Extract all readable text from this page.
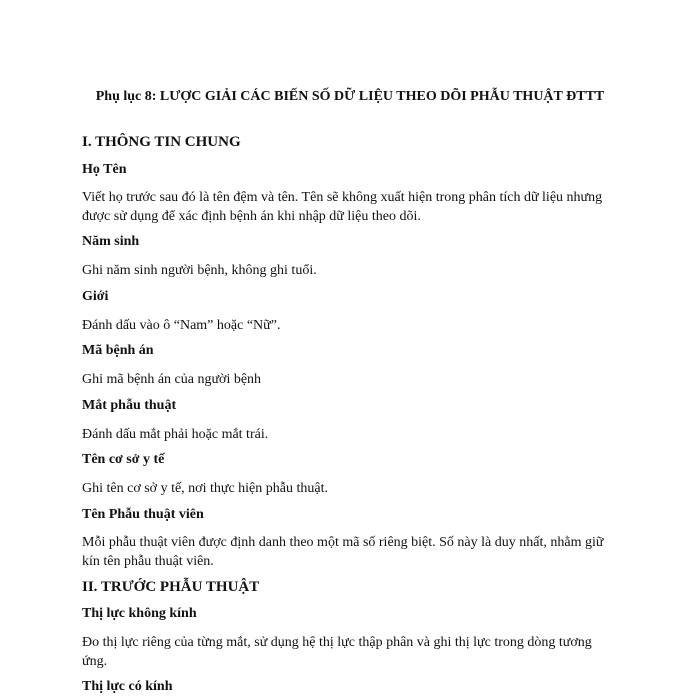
Phụ lục 8: LƯỢC GIẢI CÁC BIẾN SỐ DỮ LIỆU THEO DÕI PHẪU THUẬT ĐTTT
I. THÔNG TIN CHUNG
Họ Tên

Viết họ trước sau đó là tên đệm và tên. Tên sẽ không xuất hiện trong phân tích dữ liệu nhưng được sử dụng để xác định bệnh án khi nhập dữ liệu theo dõi.

Năm sinh

Ghi năm sinh người bệnh, không ghi tuổi.

Giới

Đánh dấu vào ô “Nam” hoặc “Nữ”.

Mã bệnh án

Ghi mã bệnh án của người bệnh

Mắt phẫu thuật

Đánh dấu mắt phải hoặc mắt trái.

Tên cơ sở y tế

Ghi tên cơ sở y tế, nơi thực hiện phẫu thuật.

Tên Phẫu thuật viên

Mỗi phẫu thuật viên được định danh theo một mã số riêng biệt. Số này là duy nhất, nhằm giữ kín tên phẫu thuật viên.

II. TRƯỚC PHẪU THUẬT
Thị lực không kính

Đo thị lực riêng của từng mắt, sử dụng hệ thị lực thập phân và ghi thị lực trong dòng tương ứng.

Thị lực có kính
